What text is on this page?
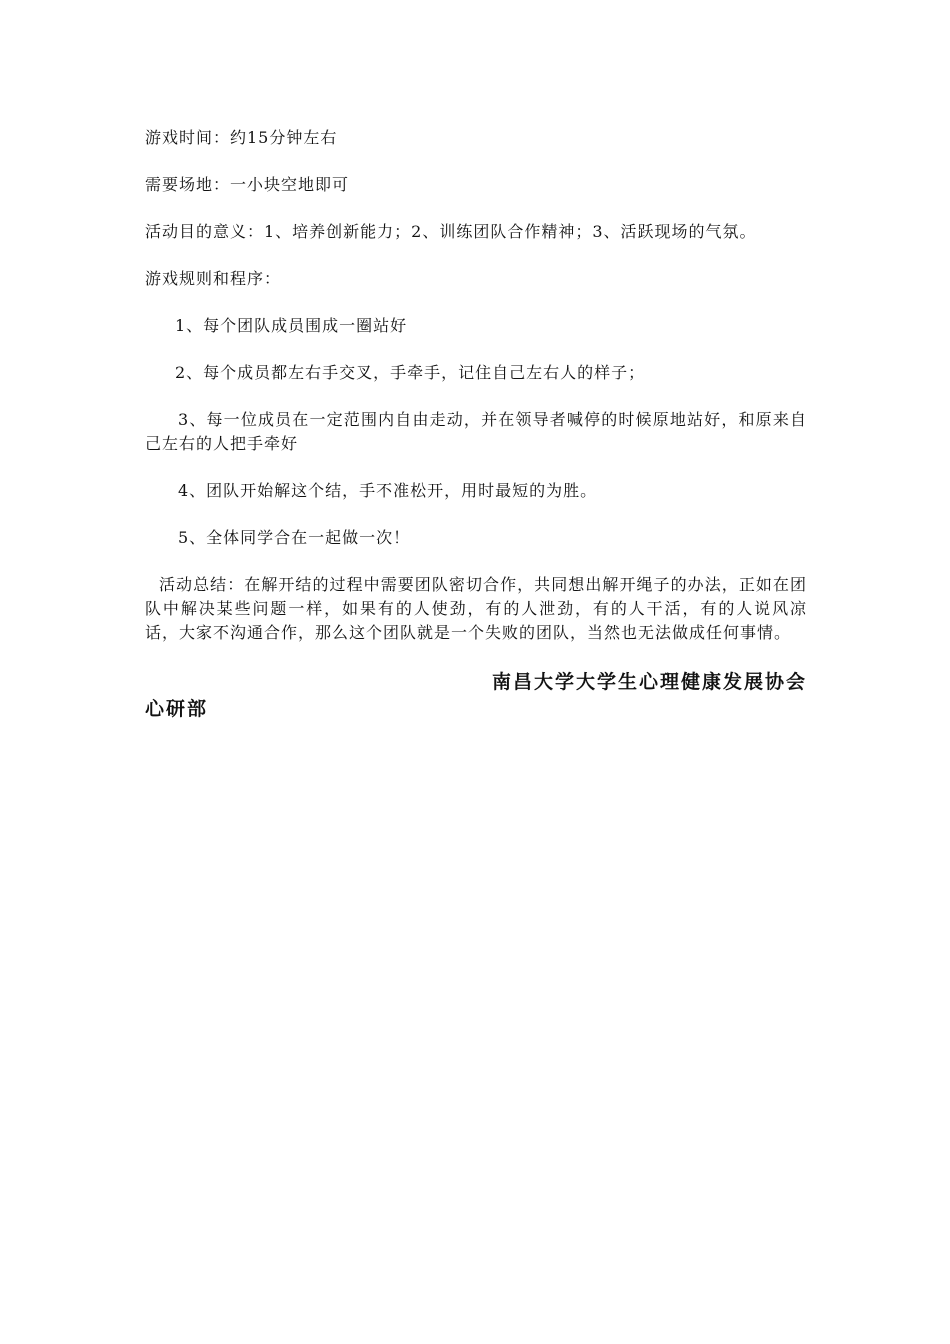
游戏时间：约15分钟左右

需要场地：一小块空地即可

活动目的意义：1、培养创新能力；2、训练团队合作精神；3、活跃现场的气氛。

游戏规则和程序：

1、每个团队成员围成一圈站好

2、每个成员都左右手交叉，手牵手，记住自己左右人的样子；

3、每一位成员在一定范围内自由走动，并在领导者喊停的时候原地站好，和原来自己左右的人把手牵好

4、团队开始解这个结，手不准松开，用时最短的为胜。

5、全体同学合在一起做一次！

活动总结：在解开结的过程中需要团队密切合作，共同想出解开绳子的办法，正如在团队中解决某些问题一样，如果有的人使劲，有的人泄劲，有的人干活，有的人说风凉话，大家不沟通合作，那么这个团队就是一个失败的团队，当然也无法做成任何事情。

南昌大学大学生心理健康发展协会

心研部
